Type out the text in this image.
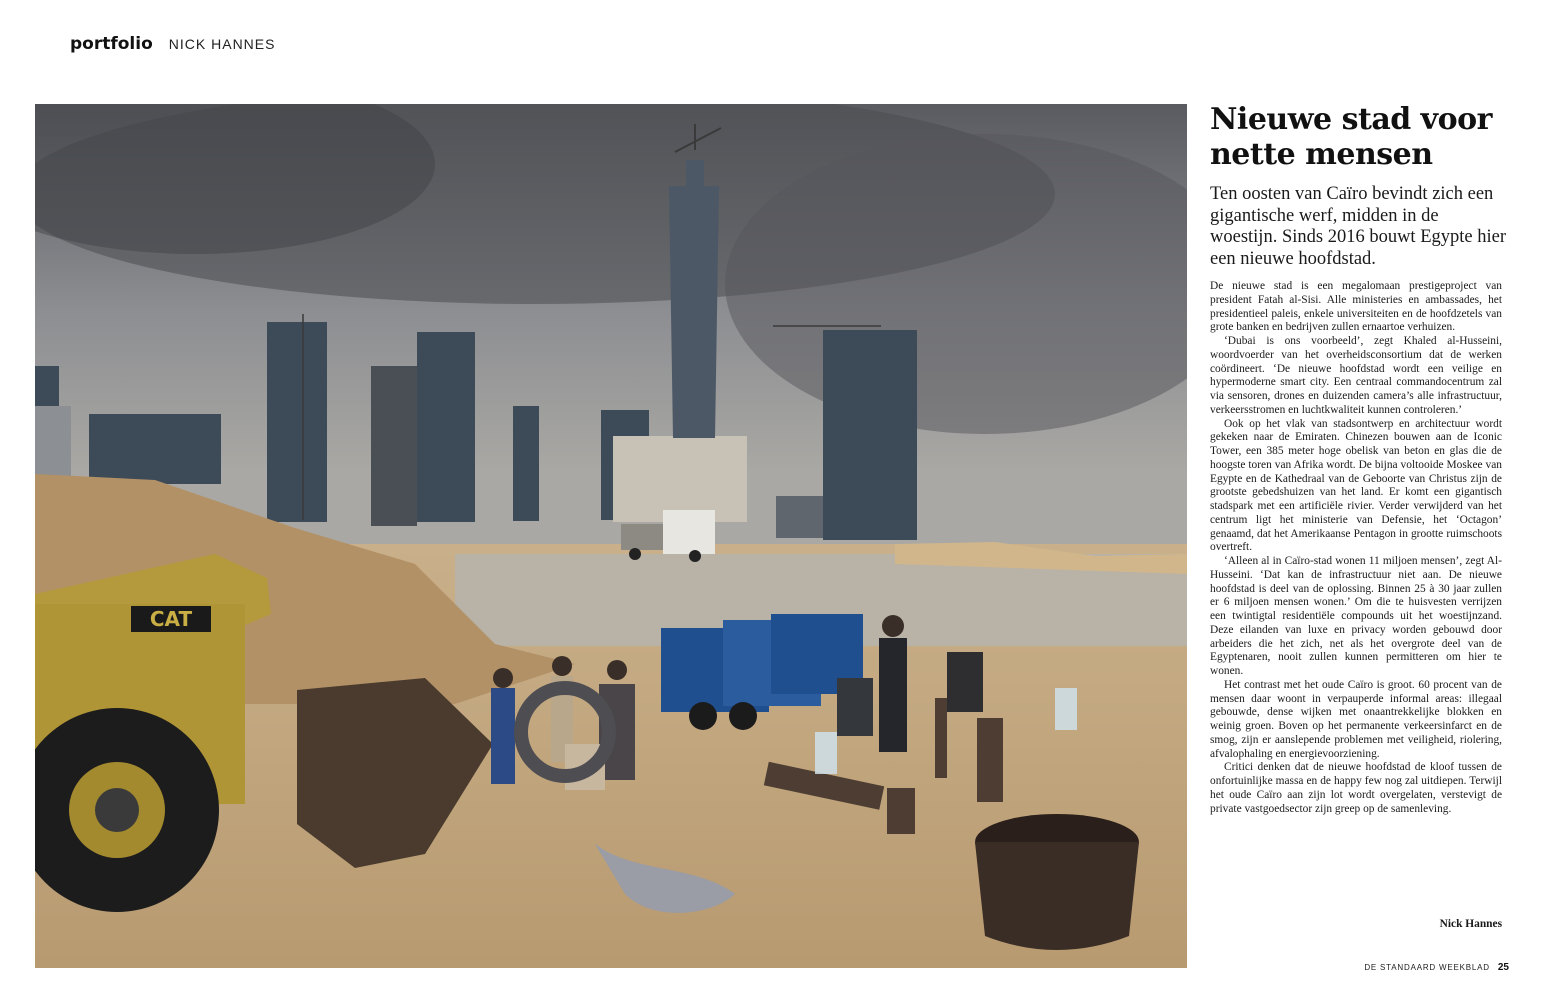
portfolio NICK HANNES
CAT
Nieuwe stad voor nette mensen

Ten oosten van Caïro bevindt zich een gigantische werf, midden in de woestijn. Sinds 2016 bouwt Egypte hier een nieuwe hoofdstad.

De nieuwe stad is een megalomaan prestigeproject van president Fatah al-Sisi. Alle ministeries en ambassades, het presidentieel paleis, enkele universiteiten en de hoofdzetels van grote banken en bedrijven zullen ernaartoe verhuizen.

‘Dubai is ons voorbeeld’, zegt Khaled al-Husseini, woordvoerder van het overheidsconsortium dat de werken coördineert. ‘De nieuwe hoofdstad wordt een veilige en hypermoderne smart city. Een centraal commandocentrum zal via sensoren, drones en duizenden camera’s alle infrastructuur, verkeersstromen en luchtkwaliteit kunnen controleren.’

Ook op het vlak van stadsontwerp en architectuur wordt gekeken naar de Emiraten. Chinezen bouwen aan de Iconic Tower, een 385 meter hoge obelisk van beton en glas die de hoogste toren van Afrika wordt. De bijna voltooide Moskee van Egypte en de Kathedraal van de Geboorte van Christus zijn de grootste gebedshuizen van het land. Er komt een gigantisch stadspark met een artificiële rivier. Verder verwijderd van het centrum ligt het ministerie van Defensie, het ‘Octagon’ genaamd, dat het Amerikaanse Pentagon in grootte ruimschoots overtreft.

‘Alleen al in Caïro-stad wonen 11 miljoen mensen’, zegt Al-Husseini. ‘Dat kan de infrastructuur niet aan. De nieuwe hoofdstad is deel van de oplossing. Binnen 25 à 30 jaar zullen er 6 miljoen mensen wonen.’ Om die te huisvesten verrijzen een twintigtal residentiële compounds uit het woestijnzand. Deze eilanden van luxe en privacy worden gebouwd door arbeiders die het zich, net als het overgrote deel van de Egyptenaren, nooit zullen kunnen permitteren om hier te wonen.

Het contrast met het oude Caïro is groot. 60 procent van de mensen daar woont in verpauperde informal areas: illegaal gebouwde, dense wijken met onaantrekkelijke blokken en weinig groen. Boven op het permanente verkeersinfarct en de smog, zijn er aanslepende problemen met veiligheid, riolering, afvalophaling en energievoorziening.

Critici denken dat de nieuwe hoofdstad de kloof tussen de onfortuinlijke massa en de happy few nog zal uitdiepen. Terwijl het oude Caïro aan zijn lot wordt overgelaten, verstevigt de private vastgoedsector zijn greep op de samenleving.

Nick Hannes
DE STANDAARD WEEKBLAD 25
